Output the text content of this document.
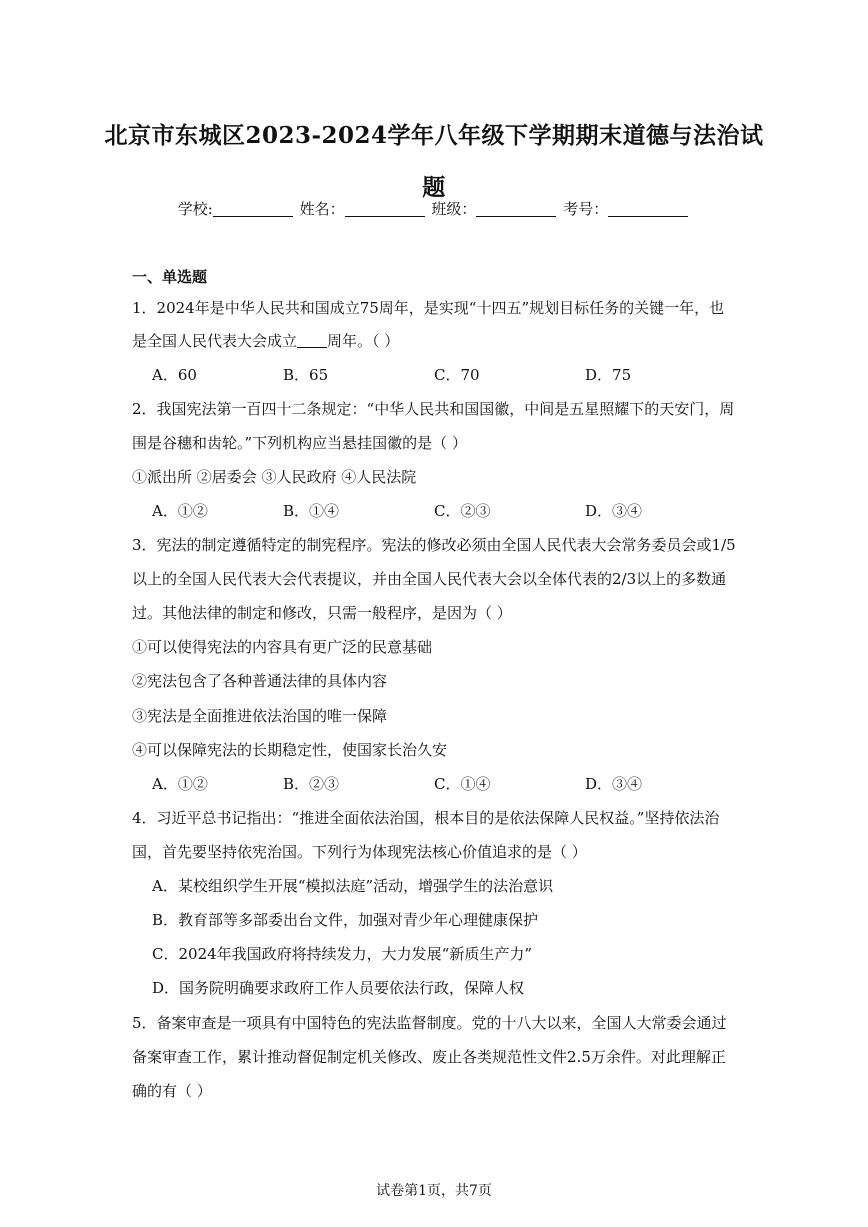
北京市东城区2023-2024学年八年级下学期期末道德与法治试
题
学校:	姓名：	班级：	考号：
一、单选题
1．2024年是中华人民共和国成立75周年，是实现“十四五”规划目标任务的关键一年，也
是全国人民代表大会成立 周年。（ ）
A．60	B．65	C．70	D．75
2．我国宪法第一百四十二条规定：“中华人民共和国国徽，中间是五星照耀下的天安门，周
围是谷穗和齿轮。”下列机构应当悬挂国徽的是（ ）
①派出所 ②居委会 ③人民政府 ④人民法院
A．①②	B．①④	C．②③	D．③④
3．宪法的制定遵循特定的制宪程序。宪法的修改必须由全国人民代表大会常务委员会或1/5
以上的全国人民代表大会代表提议，并由全国人民代表大会以全体代表的2/3以上的多数通
过。其他法律的制定和修改，只需一般程序，是因为（ ）
①可以使得宪法的内容具有更广泛的民意基础
②宪法包含了各种普通法律的具体内容
③宪法是全面推进依法治国的唯一保障
④可以保障宪法的长期稳定性，使国家长治久安
A．①②	B．②③	C．①④	D．③④
4．习近平总书记指出：“推进全面依法治国，根本目的是依法保障人民权益。”坚持依法治
国，首先要坚持依宪治国。下列行为体现宪法核心价值追求的是（ ）
A．某校组织学生开展“模拟法庭”活动，增强学生的法治意识
B．教育部等多部委出台文件，加强对青少年心理健康保护
C．2024年我国政府将持续发力，大力发展“新质生产力”
D．国务院明确要求政府工作人员要依法行政，保障人权
5．备案审查是一项具有中国特色的宪法监督制度。党的十八大以来，全国人大常委会通过
备案审查工作，累计推动督促制定机关修改、废止各类规范性文件2.5万余件。对此理解正
确的有（ ）
试卷第1页，共7页
